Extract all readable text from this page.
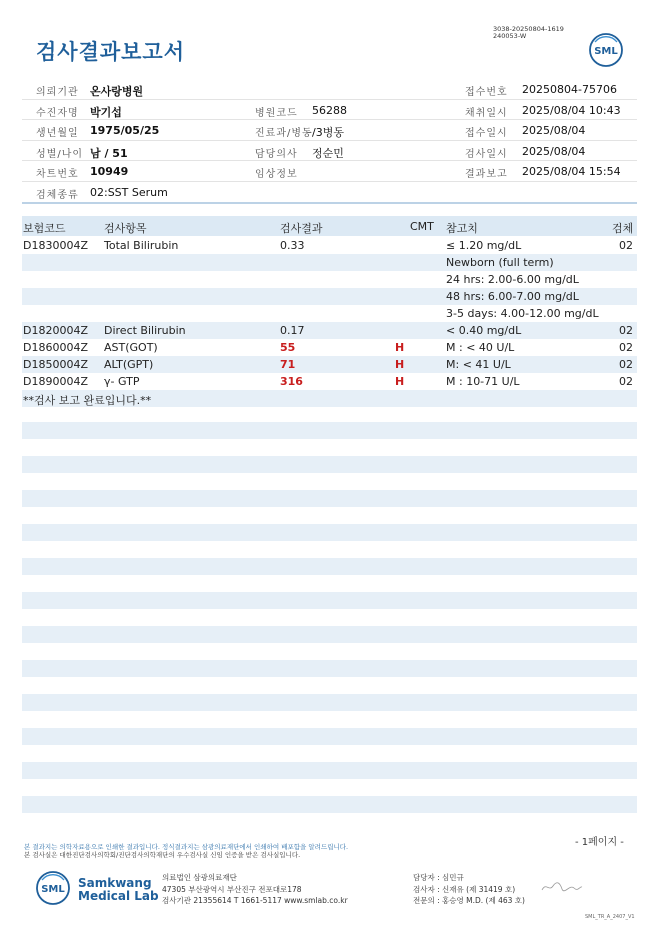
검사결과보고서
3038-20250804-1619
240053-W
SML
의뢰기관 온사랑병원	접수번호 20250804-75706
수진자명 박기섭	병원코드 56288	채취일시 2025/08/04 10:43
생년월일 1975/05/25	진료과/병동 /3병동	접수일시 2025/08/04
성별/나이 남 / 51	담당의사 정순민	검사일시 2025/08/04
차트번호 10949	임상정보	결과보고 2025/08/04 15:54
검체종류 02:SST Serum
보험코드	검사항목	검사결과	CMT 참고치	검체
D1830004Z Total Bilirubin	0.33	≤ 1.20 mg/dL	02
Newborn (full term)
24 hrs: 2.00-6.00 mg/dL
48 hrs: 6.00-7.00 mg/dL
3-5 days: 4.00-12.00 mg/dL
D1820004Z Direct Bilirubin	0.17	< 0.40 mg/dL	02
D1860004Z AST(GOT)	55	H	M : < 40 U/L	02
D1850004Z ALT(GPT)	71	H	M: < 41 U/L	02
D1890004Z γ- GTP	316	H	M : 10-71 U/L	02
**검사 보고 완료입니다.**
- 1페이지 -
본 결과지는 의학자료용으로 인쇄한 결과입니다. 정식결과지는 삼광의료재단에서 인쇄하여 배포함을 알려드립니다.
본 검사실은 대한진단검사의학회/진단검사의학재단의 우수검사실 신임 인증을 받은 검사실입니다.
SML Samkwang
Medical Lab
의료법인 삼광의료재단
47305 부산광역시 부산진구 전포대로178
검사기관 21355614 T 1661-5117 www.smlab.co.kr
담당자 : 심민규
검사자 : 신재유 (제 31419 호)
전문의 : 홍승영 M.D. (제 463 호)
SML_TR_A_2407_V1
